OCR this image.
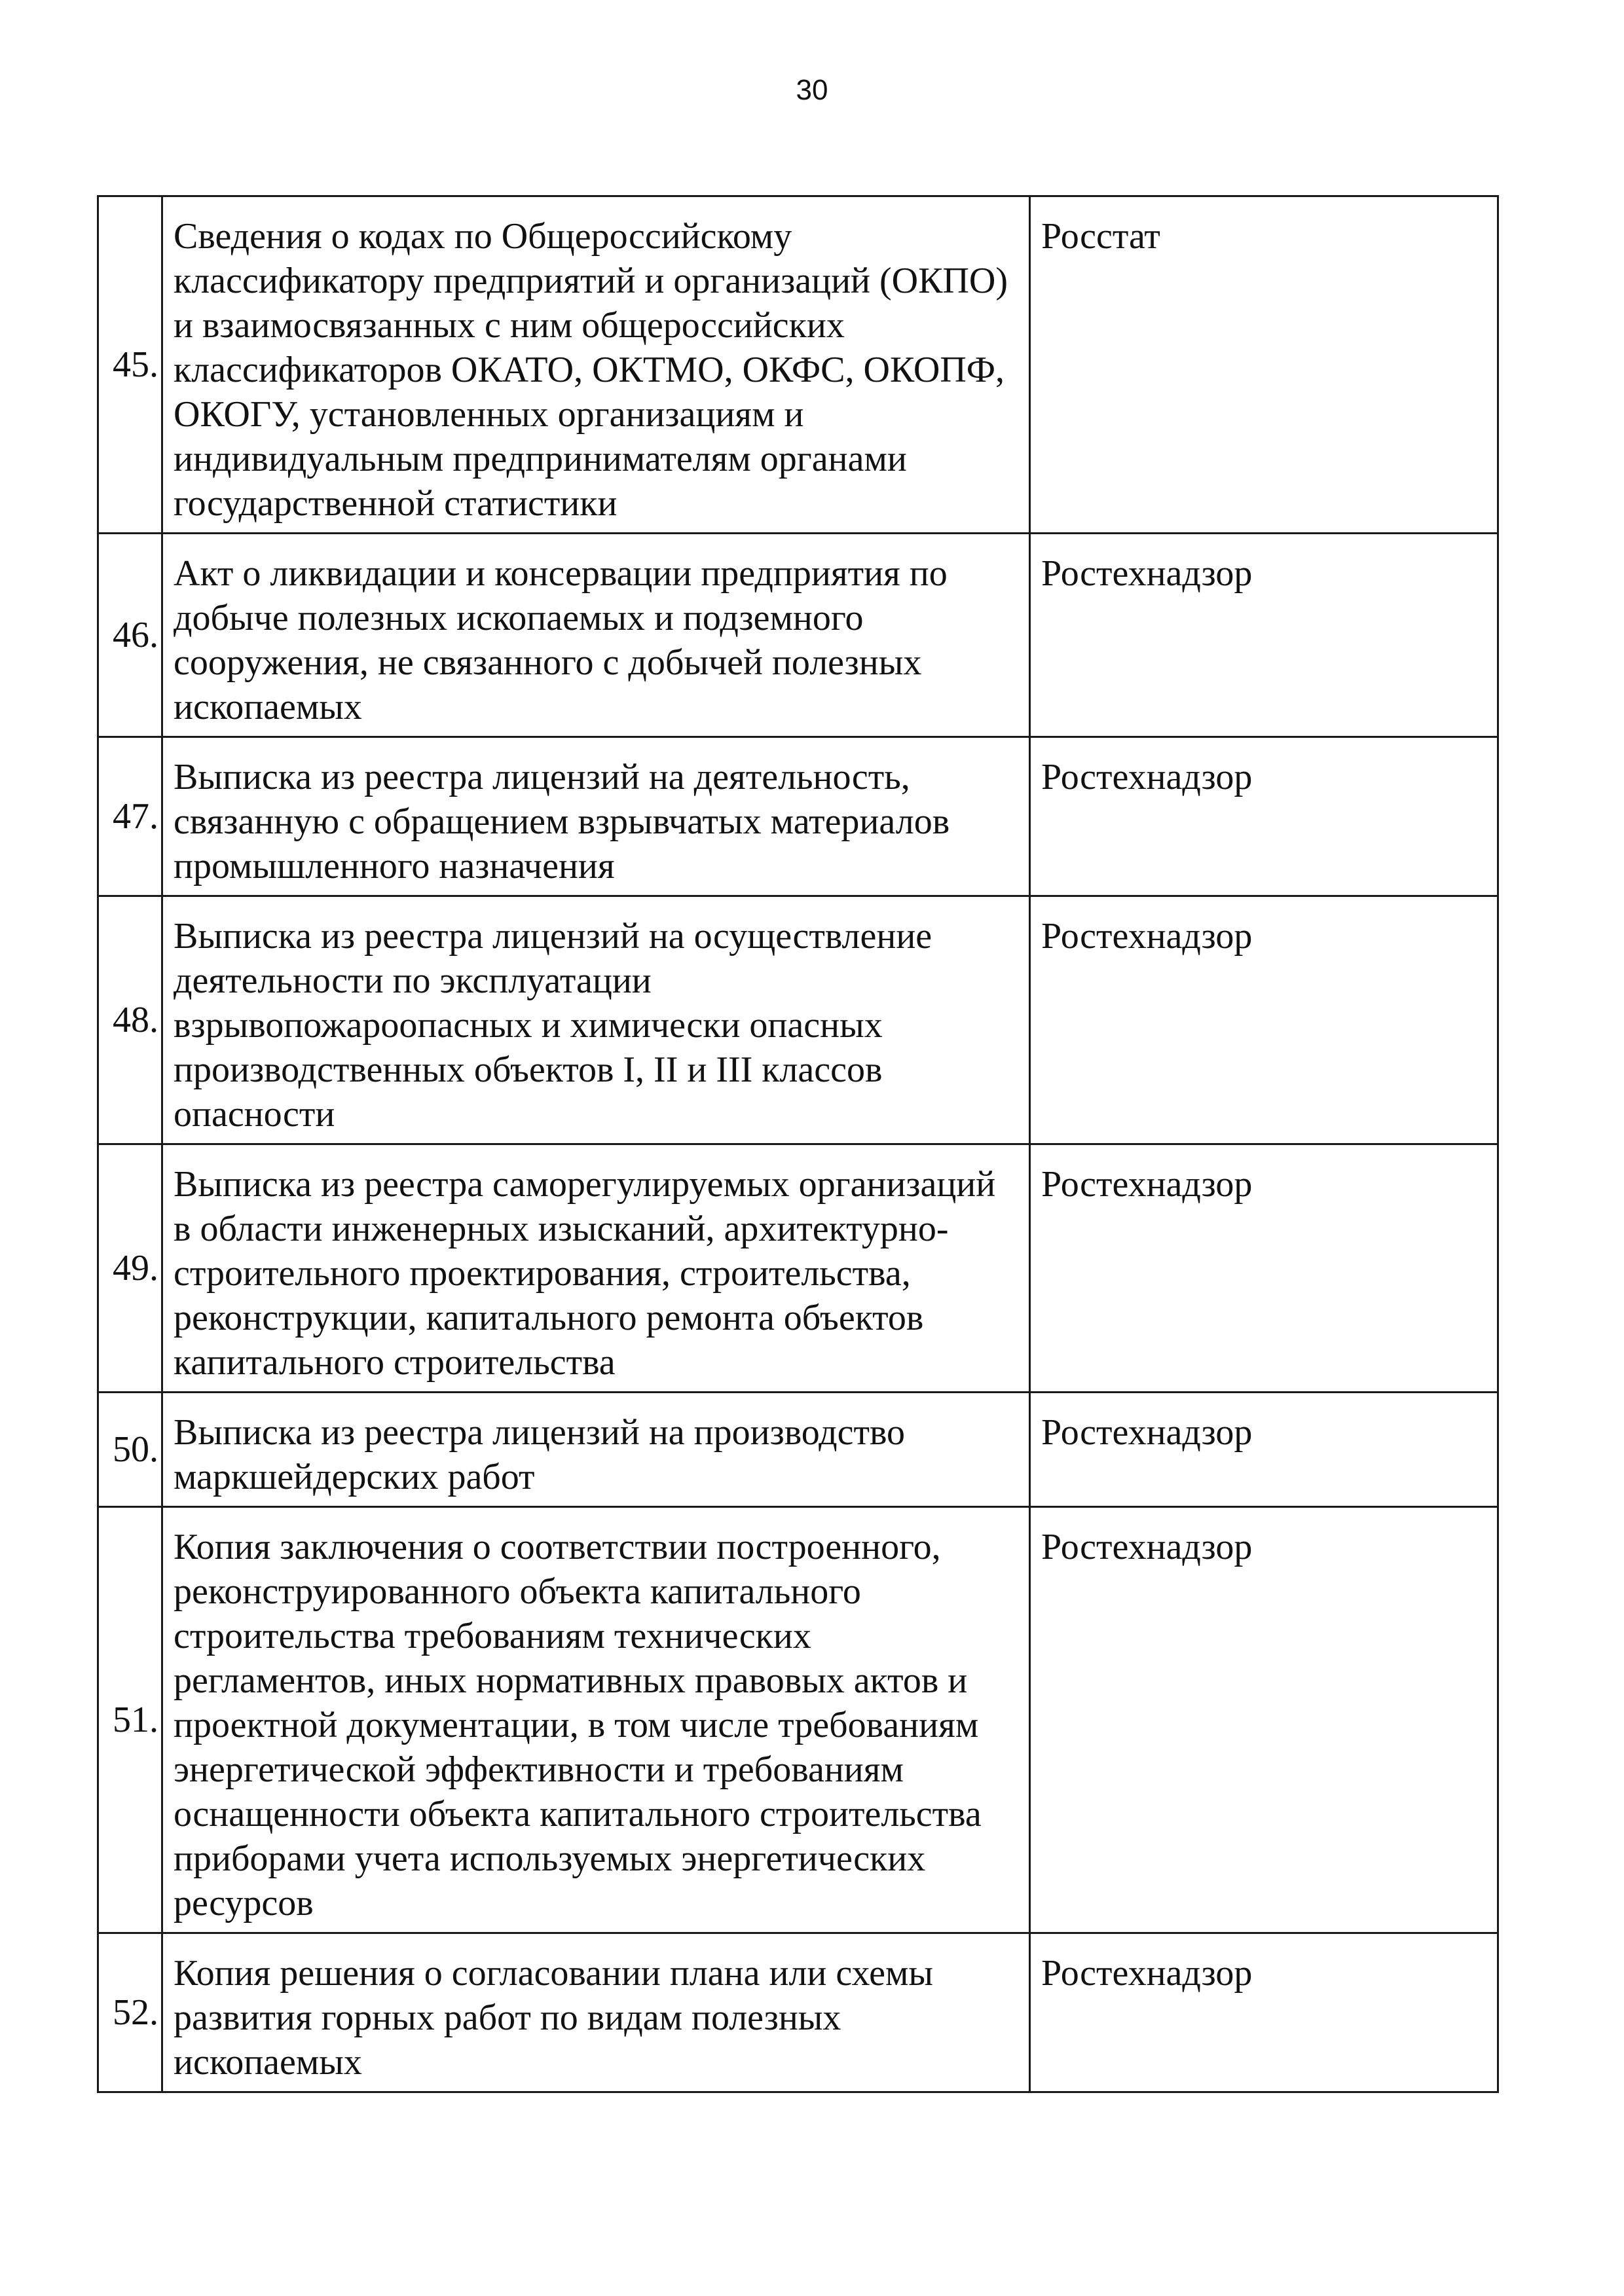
30
45.	Сведения о кодах по Общероссийскому классификатору предприятий и организаций (ОКПО) и взаимосвязанных с ним общероссийских классификаторов ОКАТО, ОКТМО, ОКФС, ОКОПФ, ОКОГУ, установленных организациям и индивидуальным предпринимателям органами государственной статистики	Росстат
46.	Акт о ликвидации и консервации предприятия по добыче полезных ископаемых и подземного сооружения, не связанного с добычей полезных ископаемых	Ростехнадзор
47.	Выписка из реестра лицензий на деятельность, связанную с обращением взрывчатых материалов промышленного назначения	Ростехнадзор
48.	Выписка из реестра лицензий на осуществление деятельности по эксплуатации взрывопожароопасных и химически опасных производственных объектов I, II и III классов опасности	Ростехнадзор
49.	Выписка из реестра саморегулируемых организаций в области инженерных изысканий, архитектурно-строительного проектирования, строительства, реконструкции, капитального ремонта объектов капитального строительства	Ростехнадзор
50.	Выписка из реестра лицензий на производство маркшейдерских работ	Ростехнадзор
51.	Копия заключения о соответствии построенного, реконструированного объекта капитального строительства требованиям технических регламентов, иных нормативных правовых актов и проектной документации, в том числе требованиям энергетической эффективности и требованиям оснащенности объекта капитального строительства приборами учета используемых энергетических ресурсов	Ростехнадзор
52.	Копия решения о согласовании плана или схемы развития горных работ по видам полезных ископаемых	Ростехнадзор
